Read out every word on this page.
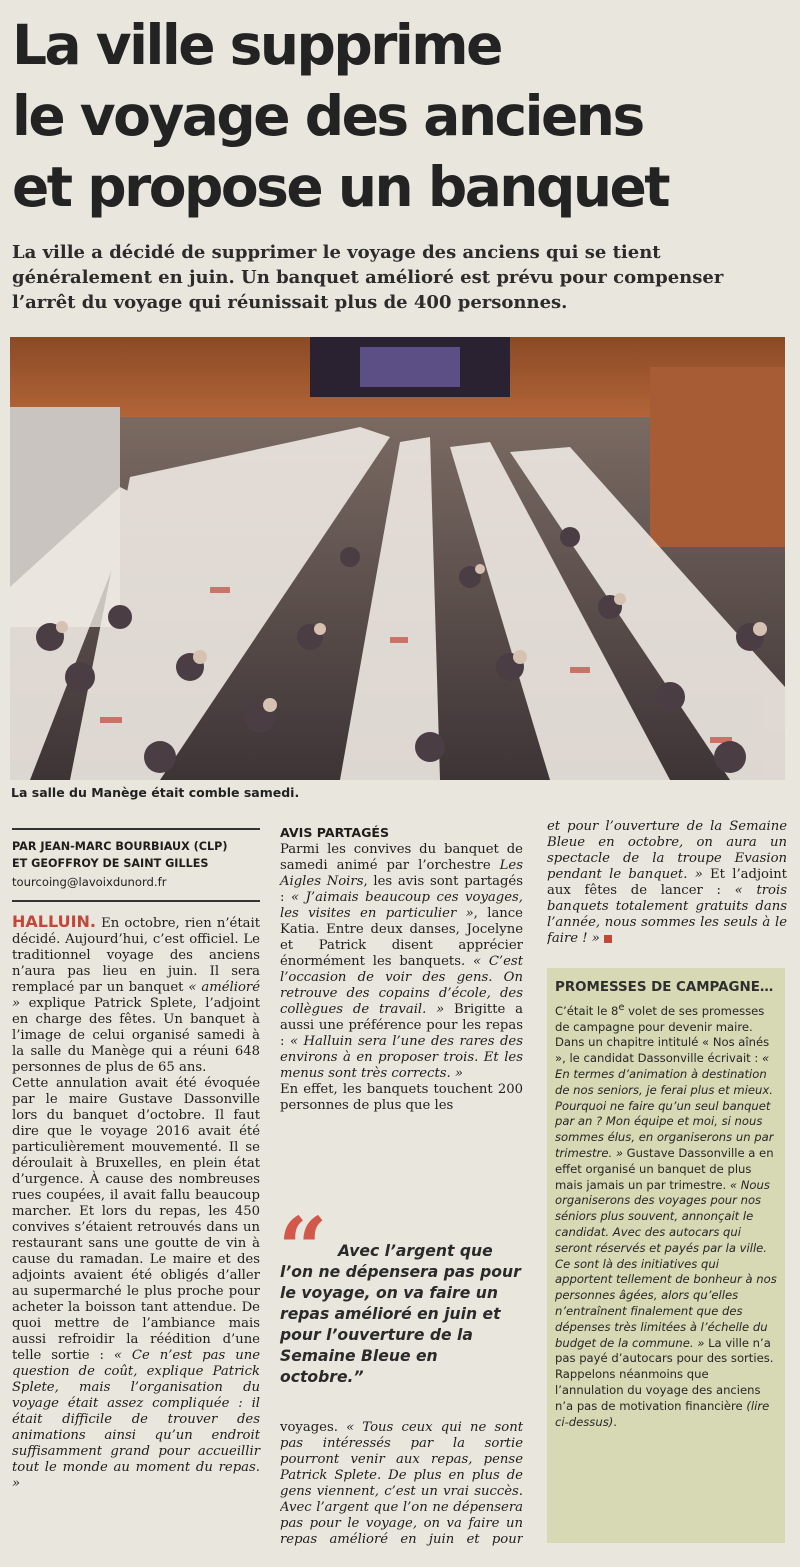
La ville supprime
le voyage des anciens
et propose un banquet

La ville a décidé de supprimer le voyage des anciens qui se tient généralement en juin. Un banquet amélioré est prévu pour compenser l’arrêt du voyage qui réunissait plus de 400 personnes.

La salle du Manège était comble samedi.

PAR JEAN-MARC BOURBIAUX (CLP)

ET GEOFFROY DE SAINT GILLES

tourcoing@lavoixdunord.fr

HALLUIN. En octobre, rien n’était décidé. Aujourd’hui, c’est officiel. Le traditionnel voyage des anciens n’aura pas lieu en juin. Il sera remplacé par un banquet « amélioré » explique Patrick Splete, l’adjoint en charge des fêtes. Un banquet à l’image de celui organisé samedi à la salle du Manège qui a réuni 648 personnes de plus de 65 ans.

Cette annulation avait été évoquée par le maire Gustave Dassonville lors du banquet d’octobre. Il faut dire que le voyage 2016 avait été particulièrement mouvementé. Il se déroulait à Bruxelles, en plein état d’urgence. À cause des nombreuses rues coupées, il avait fallu beaucoup marcher. Et lors du repas, les 450 convives s’étaient retrouvés dans un restaurant sans une goutte de vin à cause du ramadan. Le maire et des adjoints avaient été obligés d’aller au supermarché le plus proche pour acheter la boisson tant attendue. De quoi mettre de l’ambiance mais aussi refroidir la réédition d’une telle sortie : « Ce n’est pas une question de coût, explique Patrick Splete, mais l’organisation du voyage était assez compliquée : il était difficile de trouver des animations ainsi qu’un endroit suffisamment grand pour accueillir tout le monde au moment du repas. »

AVIS PARTAGÉS

Parmi les convives du banquet de samedi animé par l’orchestre Les Aigles Noirs, les avis sont partagés : « J’aimais beaucoup ces voyages, les visites en particulier », lance Katia. Entre deux danses, Jocelyne et Patrick disent apprécier énormément les banquets. « C’est l’occasion de voir des gens. On retrouve des copains d’école, des collègues de travail. » Brigitte a aussi une préférence pour les repas : « Halluin sera l’une des rares des environs à en proposer trois. Et les menus sont très corrects. »

En effet, les banquets touchent 200 personnes de plus que les

“ Avec l’argent que l’on ne dépensera pas pour le voyage, on va faire un repas amélioré en juin et pour l’ouverture de la Semaine Bleue en octobre.”

voyages. « Tous ceux qui ne sont pas intéressés par la sortie pourront venir aux repas, pense Patrick Splete. De plus en plus de gens viennent, c’est un vrai succès. Avec l’argent que l’on ne dépensera pas pour le voyage, on va faire un repas amélioré en juin et pour

PROMESSES DE CAMPAGNE…

C’était le 8e volet de ses promesses de campagne pour devenir maire. Dans un chapitre intitulé « Nos aînés », le candidat Dassonville écrivait : « En termes d’animation à destination de nos seniors, je ferai plus et mieux. Pourquoi ne faire qu’un seul banquet par an ? Mon équipe et moi, si nous sommes élus, en organiserons un par trimestre. » Gustave Dassonville a en effet organisé un banquet de plus mais jamais un par trimestre. « Nous organiserons des voyages pour nos séniors plus souvent, annonçait le candidat. Avec des autocars qui seront réservés et payés par la ville. Ce sont là des initiatives qui apportent tellement de bonheur à nos personnes âgées, alors qu’elles n’entraînent finalement que des dépenses très limitées à l’échelle du budget de la commune. » La ville n’a pas payé d’autocars pour des sorties. Rappelons néanmoins que l’annulation du voyage des anciens n’a pas de motivation financière (lire ci-dessus).

et pour l’ouverture de la Semaine Bleue en octobre, on aura un spectacle de la troupe Evasion pendant le banquet. » Et l’adjoint aux fêtes de lancer : « trois banquets totalement gratuits dans l’année, nous sommes les seuls à le faire ! »
